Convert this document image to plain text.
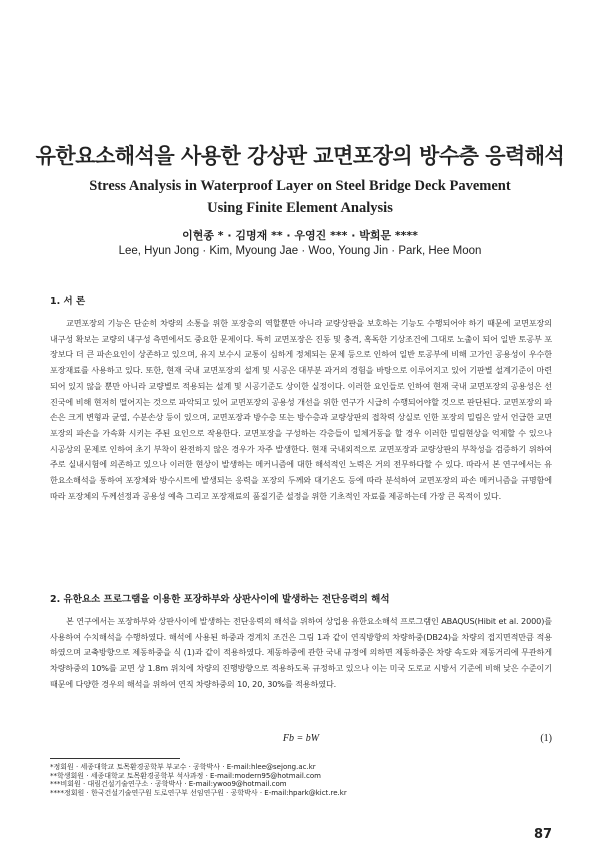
유한요소해석을 사용한 강상판 교면포장의 방수층 응력해석
Stress Analysis in Waterproof Layer on Steel Bridge Deck Pavement
Using Finite Element Analysis
이현종 * · 김명재 ** · 우영진 *** · 박희문 ****
Lee, Hyun Jong · Kim, Myoung Jae · Woo, Young Jin · Park, Hee Moon
1. 서 론
교면포장의 기능은 단순히 차량의 소통을 위한 포장층의 역할뿐만 아니라 교량상판을 보호하는 기능도 수행되어야 하기 때문에 교면포장의 내구성 확보는 교량의 내구성 측면에서도 중요한 문제이다. 특히 교면포장은 진동 및 충격, 혹독한 기상조건에 그대로 노출이 되어 일반 토공부 포장보다 더 큰 파손요인이 상존하고 있으며, 유지 보수시 교통이 심하게 정체되는 문제 등으로 인하여 일반 토공부에 비해 고가인 공용성이 우수한 포장재료를 사용하고 있다. 또한, 현재 국내 교면포장의 설계 및 시공은 대부분 과거의 경험을 바탕으로 이루어지고 있어 기판별 설계기준이 마련되어 있지 않을 뿐만 아니라 교량별로 적용되는 설계 및 시공기준도 상이한 실정이다. 이러한 요인들로 인하여 현재 국내 교면포장의 공용성은 선진국에 비해 현저히 떨어지는 것으로 파악되고 있어 교면포장의 공용성 개선을 위한 연구가 시급히 수행되어야할 것으로 판단된다. 교면포장의 파손은 크게 변형과 균열, 수분손상 등이 있으며, 교면포장과 방수층 또는 방수층과 교량상판의 접착력 상실로 인한 포장의 밀림은 앞서 언급한 교면포장의 파손을 가속화 시키는 주된 요인으로 작용한다. 교면포장을 구성하는 각층들이 일체거동을 할 경우 이러한 밀림현상을 억제할 수 있으나 시공상의 문제로 인하여 초기 부착이 완전하지 않은 경우가 자주 발생한다. 현재 국내외적으로 교면포장과 교량상판의 부착성을 검증하기 위하여 주로 실내시험에 의존하고 있으나 이러한 현상이 발생하는 메커니즘에 대한 해석적인 노력은 거의 전무하다할 수 있다. 따라서 본 연구에서는 유한요소해석을 통하여 포장체와 방수시트에 발생되는 응력을 포장의 두께와 대기온도 등에 따라 분석하여 교면포장의 파손 메커니즘을 규명함에 따라 포장체의 두께선정과 공용성 예측 그리고 포장재료의 품질기준 설정을 위한 기초적인 자료를 제공하는데 가장 큰 목적이 있다.
2. 유한요소 프로그램을 이용한 포장하부와 상판사이에 발생하는 전단응력의 해석
본 연구에서는 포장하부와 상판사이에 발생하는 전단응력의 해석을 위하여 상업용 유한요소해석 프로그램인 ABAQUS(Hibit et al. 2000)를 사용하여 수치해석을 수행하였다. 해석에 사용된 하중과 경계치 조건은 그림 1과 같이 연직방향의 차량하중(DB24)을 차량의 접지면적만큼 적용하였으며 교축방향으로 제동하중을 식 (1)과 같이 적용하였다. 제동하중에 관한 국내 규정에 의하면 제동하중은 차량 속도와 제동거리에 무관하게 차량하중의 10%를 교면 상 1.8m 위치에 차량의 진행방향으로 적용하도록 규정하고 있으나 이는 미국 도로교 시방서 기준에 비해 낮은 수준이기 때문에 다양한 경우의 해석을 위하여 연직 차량하중의 10, 20, 30%를 적용하였다.
Fb = bW	(1)
*정회원 · 세종대학교 토목환경공학부 부교수 · 공학박사 · E-mail:hlee@sejong.ac.kr
**학생회원 · 세종대학교 토목환경공학부 석사과정 · E-mail:modern95@hotmail.com
***비회원 · 대림건설기술연구소 · 공학박사 · E-mail:ywoo9@hotmail.com
****정회원 · 한국건설기술연구원 도로연구부 선임연구원 · 공학박사 · E-mail:hpark@kict.re.kr
87
